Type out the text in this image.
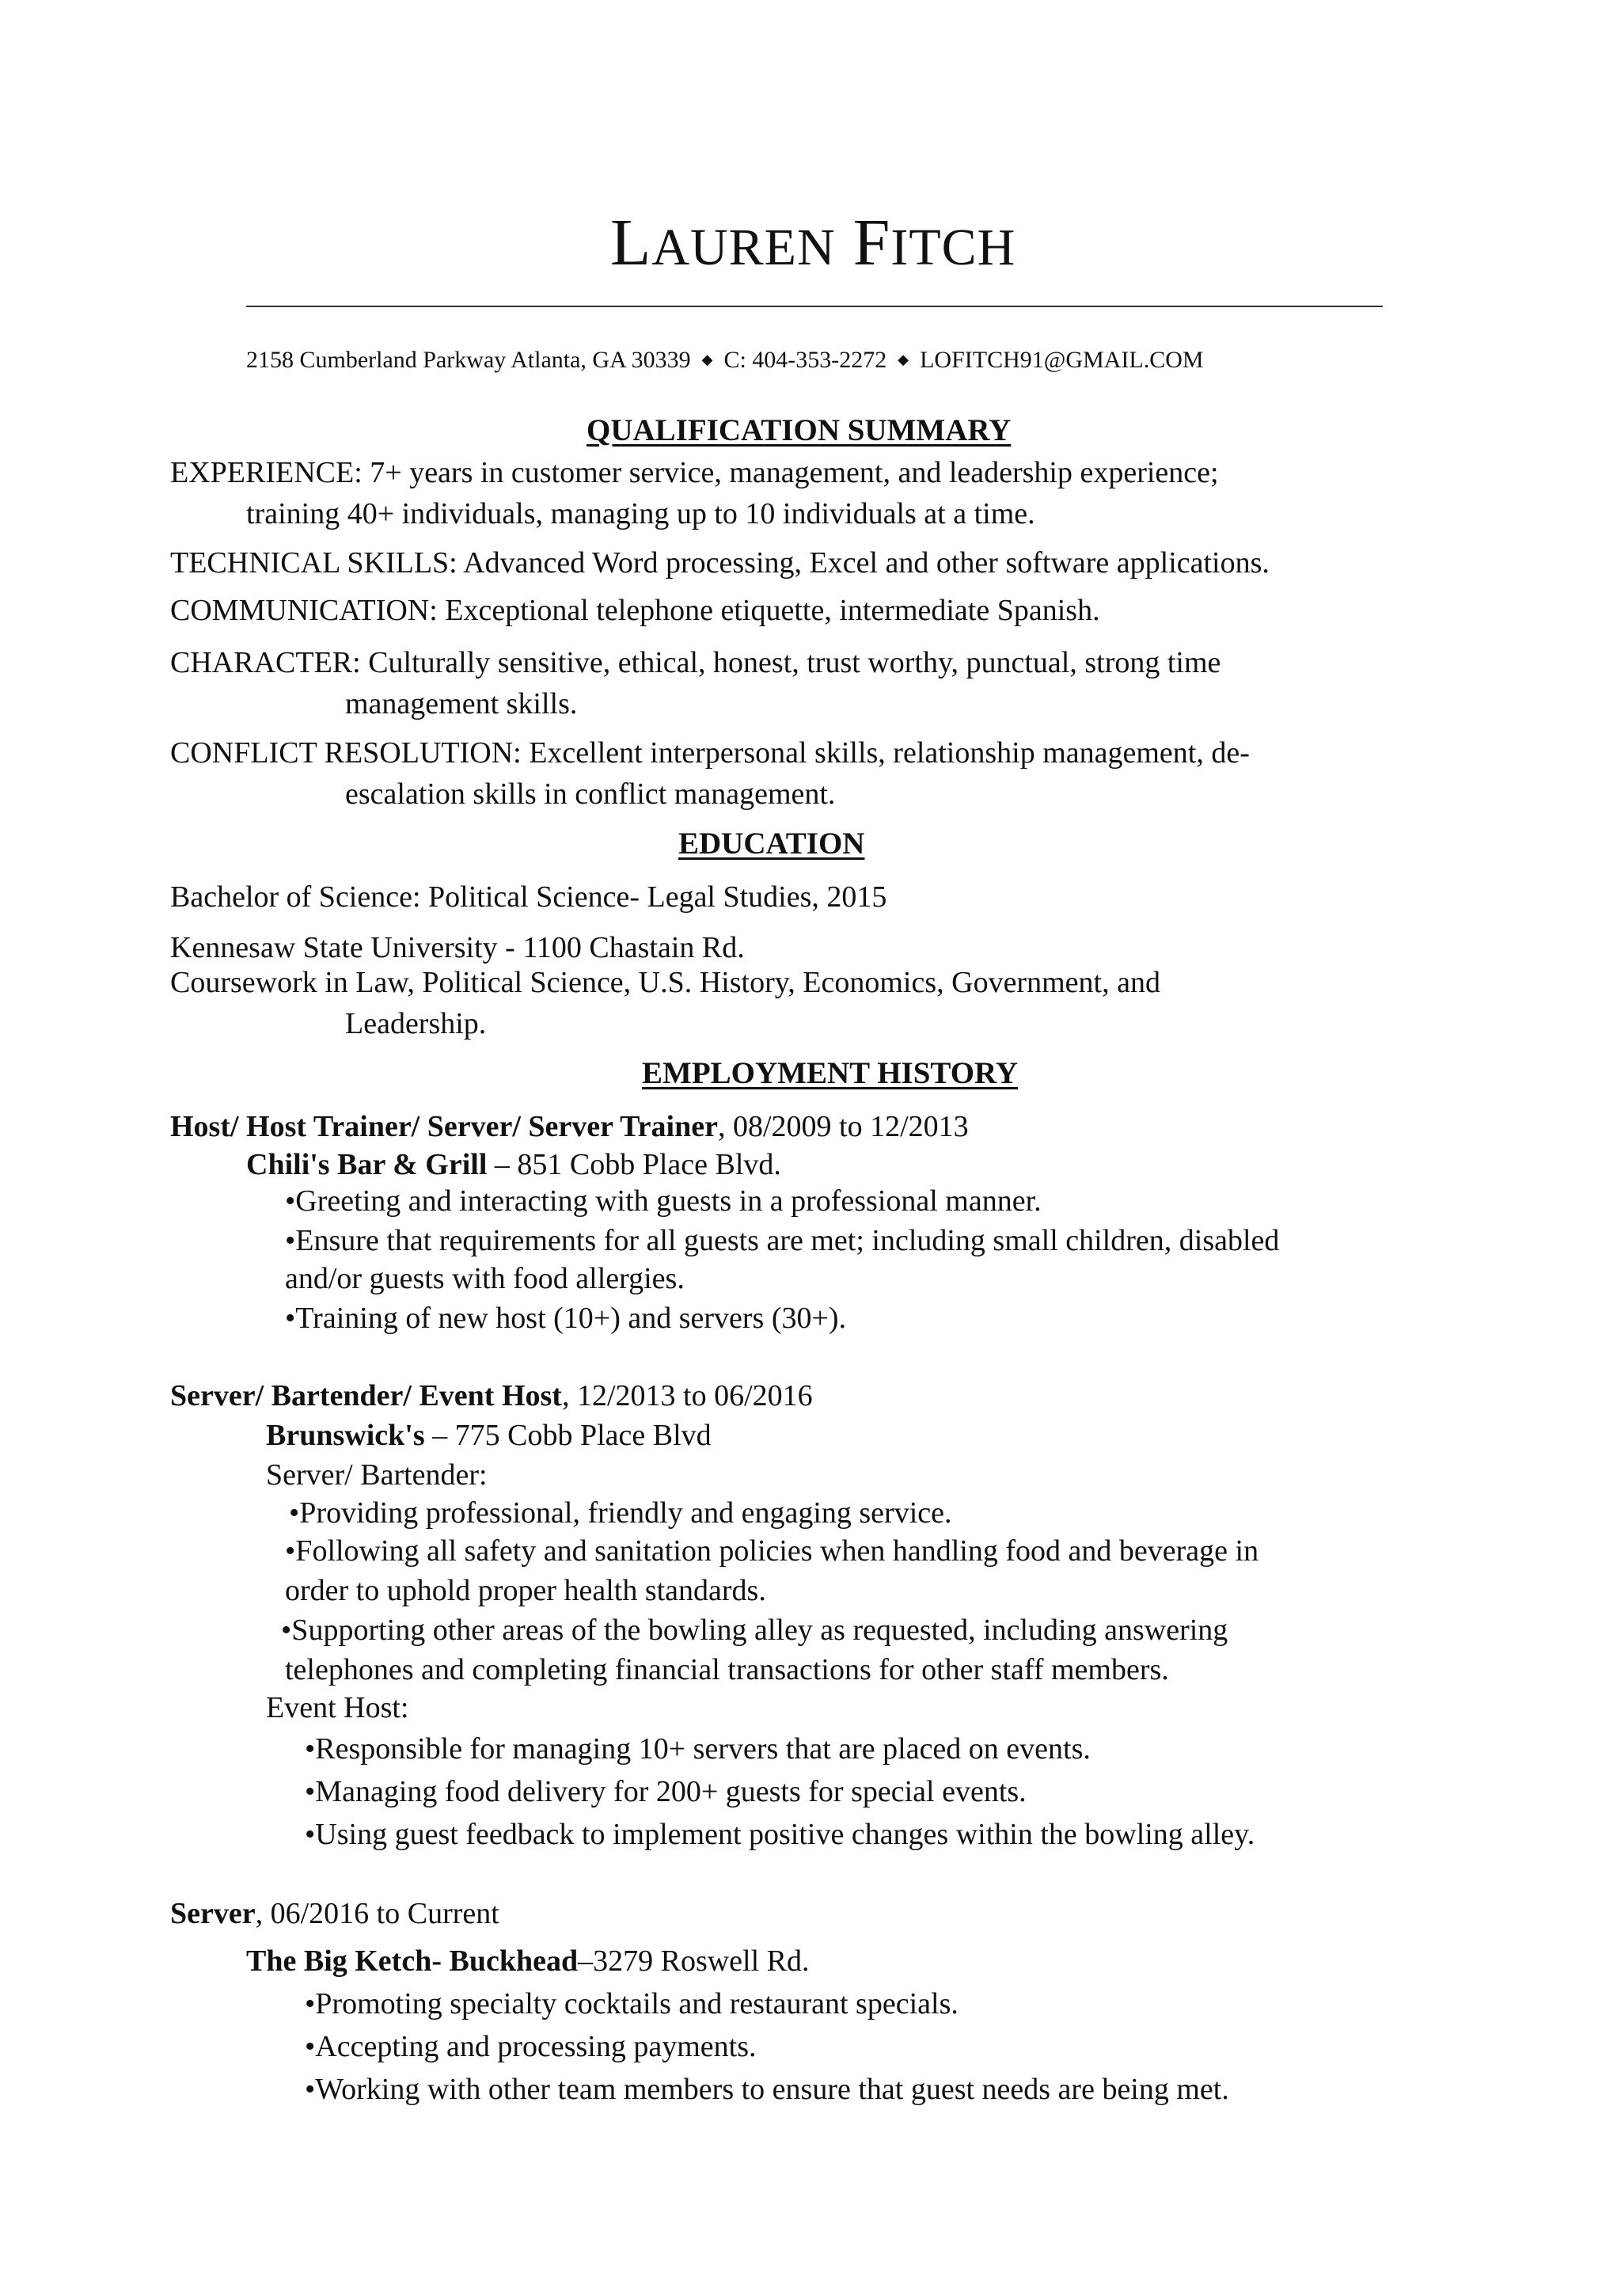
LAUREN FITCH
2158 Cumberland Parkway Atlanta, GA 30339 ◆ C: 404-353-2272 ◆ LOFITCH91@GMAIL.COM
QUALIFICATION SUMMARY
EXPERIENCE: 7+ years in customer service, management, and leadership experience;
training 40+ individuals, managing up to 10 individuals at a time.
TECHNICAL SKILLS: Advanced Word processing, Excel and other software applications.
COMMUNICATION: Exceptional telephone etiquette, intermediate Spanish.
CHARACTER: Culturally sensitive, ethical, honest, trust worthy, punctual, strong time
management skills.
CONFLICT RESOLUTION: Excellent interpersonal skills, relationship management, de-
escalation skills in conflict management.
EDUCATION
Bachelor of Science: Political Science- Legal Studies, 2015
Kennesaw State University - 1100 Chastain Rd.
Coursework in Law, Political Science, U.S. History, Economics, Government, and
Leadership.
EMPLOYMENT HISTORY
Host/ Host Trainer/ Server/ Server Trainer, 08/2009 to 12/2013
Chili's Bar & Grill – 851 Cobb Place Blvd.
•Greeting and interacting with guests in a professional manner.
•Ensure that requirements for all guests are met; including small children, disabled
and/or guests with food allergies.
•Training of new host (10+) and servers (30+).
Server/ Bartender/ Event Host, 12/2013 to 06/2016
Brunswick's – 775 Cobb Place Blvd
Server/ Bartender:
•Providing professional, friendly and engaging service.
•Following all safety and sanitation policies when handling food and beverage in
order to uphold proper health standards.
•Supporting other areas of the bowling alley as requested, including answering
telephones and completing financial transactions for other staff members.
Event Host:
•Responsible for managing 10+ servers that are placed on events.
•Managing food delivery for 200+ guests for special events.
•Using guest feedback to implement positive changes within the bowling alley.
Server, 06/2016 to Current
The Big Ketch- Buckhead–3279 Roswell Rd.
•Promoting specialty cocktails and restaurant specials.
•Accepting and processing payments.
•Working with other team members to ensure that guest needs are being met.
